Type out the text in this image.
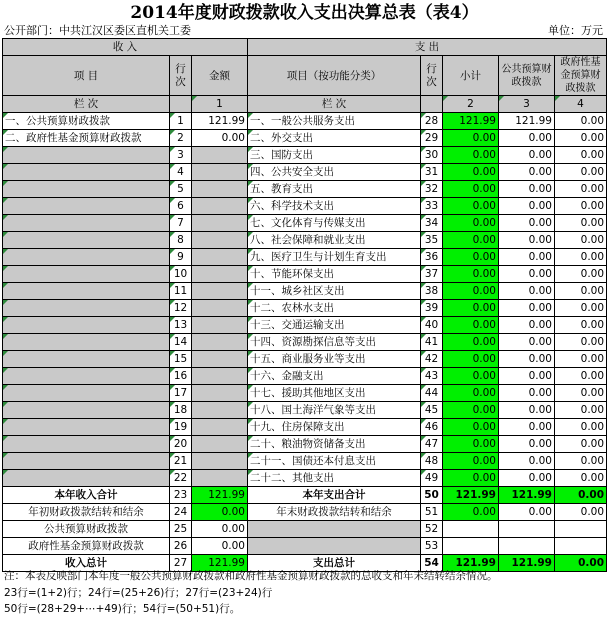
2014年度财政拨款收入支出决算总表（表4）
公开部门：中共江汉区委区直机关工委	单位：万元
收 入			支 出				
项 目	行次	金额	项目（按功能分类）	行次	小计	公共预算财政拨款	政府性基金预算财政拨款
栏 次		1	栏 次		2	3	4
一、公共预算财政拨款	1	121.99	一、一般公共服务支出	28	121.99	121.99	0.00
二、政府性基金预算财政拨款	2	0.00	二、外交支出	29	0.00	0.00	0.00
	3		三、国防支出	30	0.00	0.00	0.00
	4		四、公共安全支出	31	0.00	0.00	0.00
	5		五、教育支出	32	0.00	0.00	0.00
	6		六、科学技术支出	33	0.00	0.00	0.00
	7		七、文化体育与传媒支出	34	0.00	0.00	0.00
	8		八、社会保障和就业支出	35	0.00	0.00	0.00
	9		九、医疗卫生与计划生育支出	36	0.00	0.00	0.00
	10		十、节能环保支出	37	0.00	0.00	0.00
	11		十一、城乡社区支出	38	0.00	0.00	0.00
	12		十二、农林水支出	39	0.00	0.00	0.00
	13		十三、交通运输支出	40	0.00	0.00	0.00
	14		十四、资源勘探信息等支出	41	0.00	0.00	0.00
	15		十五、商业服务业等支出	42	0.00	0.00	0.00
	16		十六、金融支出	43	0.00	0.00	0.00
	17		十七、援助其他地区支出	44	0.00	0.00	0.00
	18		十八、国土海洋气象等支出	45	0.00	0.00	0.00
	19		十九、住房保障支出	46	0.00	0.00	0.00
	20		二十、粮油物资储备支出	47	0.00	0.00	0.00
	21		二十一、国债还本付息支出	48	0.00	0.00	0.00
	22		二十二、其他支出	49	0.00	0.00	0.00
本年收入合计	23	121.99	本年支出合计	50	121.99	121.99	0.00
年初财政拨款结转和结余	24	0.00	年末财政拨款结转和结余	51	0.00	0.00	0.00
公共预算财政拨款	25	0.00		52			
政府性基金预算财政拨款	26	0.00		53			
收入总计	27	121.99	支出总计	54	121.99	121.99	0.00
注：本表反映部门本年度一般公共预算财政拨款和政府性基金预算财政拨款的总收支和年末结转结余情况。
23行=(1+2)行；24行=(25+26)行；27行=(23+24)行
50行=(28+29+⋯+49)行；54行=(50+51)行。
